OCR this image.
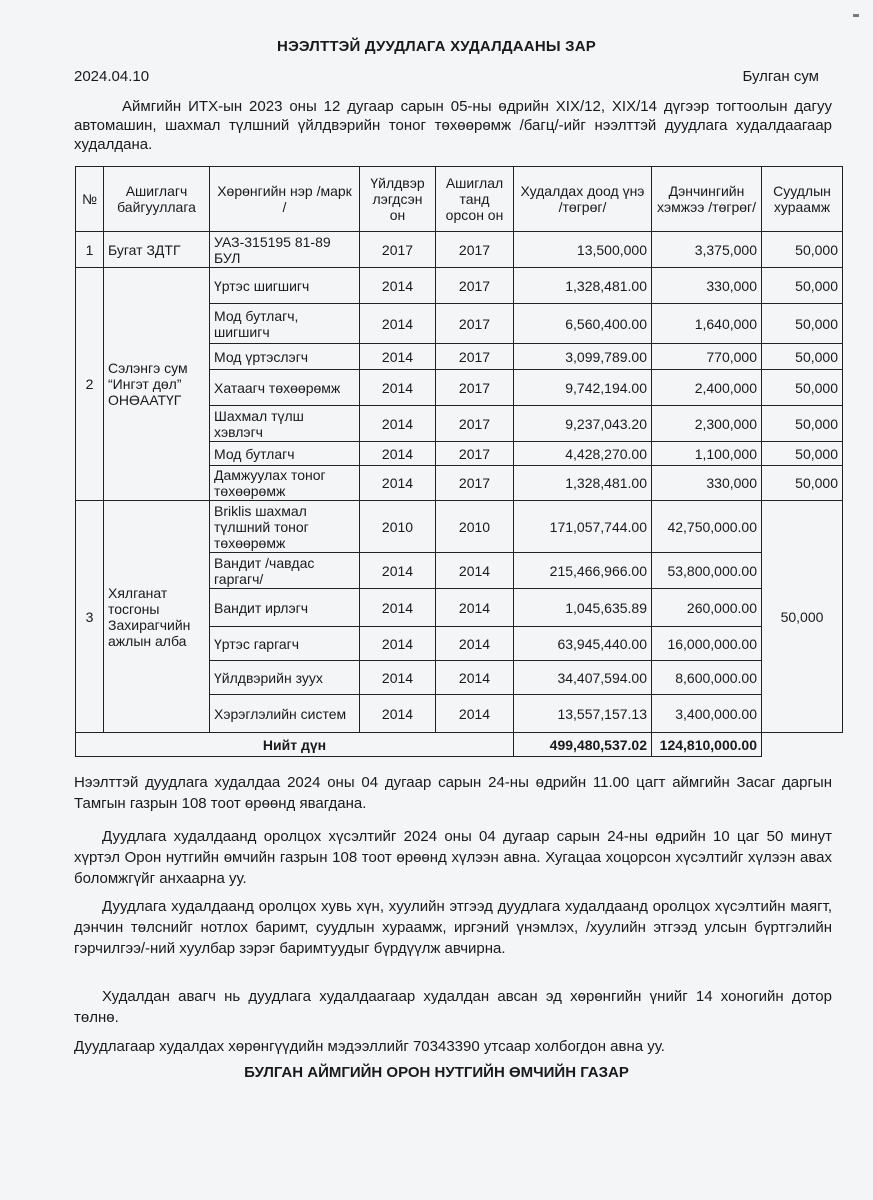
НЭЭЛТТЭЙ ДУУДЛАГА ХУДАЛДААНЫ ЗАР
2024.04.10	Булган сум

Аймгийн ИТХ-ын 2023 оны 12 дугаар сарын 05-ны өдрийн XIX/12, XIX/14 дүгээр тогтоолын дагуу автомашин, шахмал түлшний үйлдвэрийн тоног төхөөрөмж /багц/-ийг нээлттэй дуудлага худалдаагаар худалдана.

№	Ашиглагч байгууллага	Хөрөнгийн нэр /марк /	Үйлдвэр лэгдсэн он	Ашиглал танд орсон он	Худалдах доод үнэ /төгрөг/	Дэнчингийн хэмжээ /төгрөг/	Суудлын хураамж
1	Бугат ЗДТГ	УАЗ-315195 81-89 БУЛ	2017	2017	13,500,000	3,375,000	50,000
2	Сэлэнгэ сум “Ингэт дөл” ОНӨААТҮГ	Үртэс шигшигч	2014	2017	1,328,481.00	330,000	50,000
		Мод бутлагч, шигшигч	2014	2017	6,560,400.00	1,640,000	50,000
		Мод үртэслэгч	2014	2017	3,099,789.00	770,000	50,000
		Хатаагч төхөөрөмж	2014	2017	9,742,194.00	2,400,000	50,000
		Шахмал түлш хэвлэгч	2014	2017	9,237,043.20	2,300,000	50,000
		Мод бутлагч	2014	2017	4,428,270.00	1,100,000	50,000
		Дамжуулах тоног төхөөрөмж	2014	2017	1,328,481.00	330,000	50,000
3	Хялганат тосгоны Захирагчийн ажлын алба	Briklis шахмал түлшний тоног төхөөрөмж	2010	2010	171,057,744.00	42,750,000.00	50,000
		Вандит /чавдас гаргагч/	2014	2014	215,466,966.00	53,800,000.00	
		Вандит ирлэгч	2014	2014	1,045,635.89	260,000.00	
		Үртэс гаргагч	2014	2014	63,945,440.00	16,000,000.00	
		Үйлдвэрийн зуух	2014	2014	34,407,594.00	8,600,000.00	
		Хэрэглэлийн систем	2014	2014	13,557,157.13	3,400,000.00	
Нийт дүн					499,480,537.02	124,810,000.00	

Нээлттэй дуудлага худалдаа 2024 оны 04 дугаар сарын 24-ны өдрийн 11.00 цагт аймгийн Засаг даргын Тамгын газрын 108 тоот өрөөнд явагдана.

Дуудлага худалдаанд оролцох хүсэлтийг 2024 оны 04 дугаар сарын 24-ны өдрийн 10 цаг 50 минут хүртэл Орон нутгийн өмчийн газрын 108 тоот өрөөнд хүлээн авна. Хугацаа хоцорсон хүсэлтийг хүлээн авах боломжгүйг анхаарна уу.

Дуудлага худалдаанд оролцох хувь хүн, хуулийн этгээд дуудлага худалдаанд оролцох хүсэлтийн маягт, дэнчин төлснийг нотлох баримт, суудлын хураамж, иргэний үнэмлэх, /хуулийн этгээд улсын бүртгэлийн гэрчилгээ/-ний хуулбар зэрэг баримтуудыг бүрдүүлж авчирна.

Худалдан авагч нь дуудлага худалдаагаар худалдан авсан эд хөрөнгийн үнийг 14 хоногийн дотор төлнө.

Дуудлагаар худалдах хөрөнгүүдийн мэдээллийг 70343390 утсаар холбогдон авна уу.

БУЛГАН АЙМГИЙН ОРОН НУТГИЙН ӨМЧИЙН ГАЗАР
